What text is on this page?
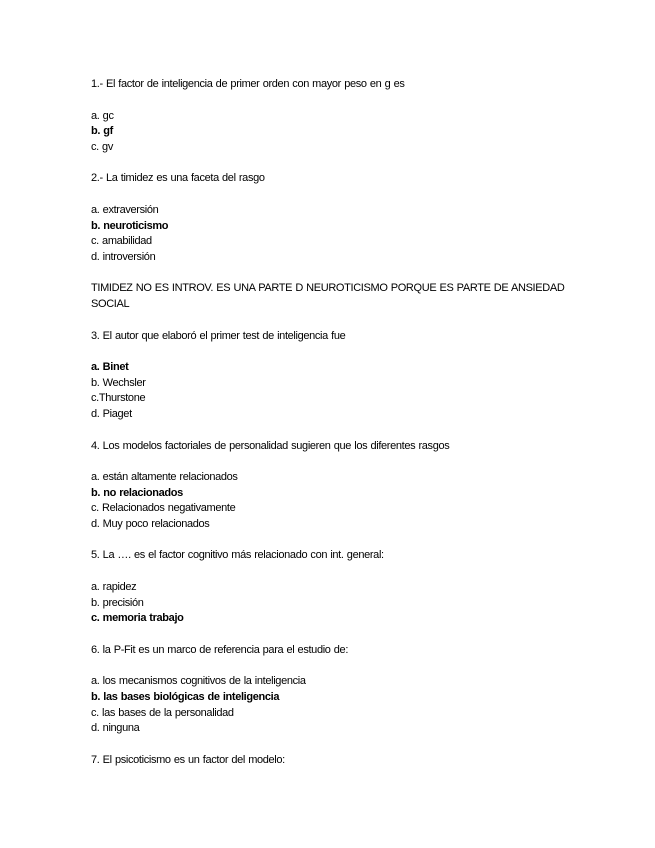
1.- El factor de inteligencia de primer orden con mayor peso en g es

a. gc

b. gf

c. gv

2.- La timidez es una faceta del rasgo

a. extraversión

b. neuroticismo

c. amabilidad

d. introversión

TIMIDEZ NO ES INTROV. ES UNA PARTE D NEUROTICISMO PORQUE ES PARTE DE ANSIEDAD SOCIAL

3. El autor que elaboró el primer test de inteligencia fue

a. Binet

b. Wechsler

c.Thurstone

d. Piaget

4. Los modelos factoriales de personalidad sugieren que los diferentes rasgos

a. están altamente relacionados

b. no relacionados

c. Relacionados negativamente

d. Muy poco relacionados

5. La …. es el factor cognitivo más relacionado con int. general:

a. rapidez

b. precisión

c. memoria trabajo

6. la P-Fit es un marco de referencia para el estudio de:

a. los mecanismos cognitivos de la inteligencia

b. las bases biológicas de inteligencia

c. las bases de la personalidad

d. ninguna

7. El psicoticismo es un factor del modelo:
